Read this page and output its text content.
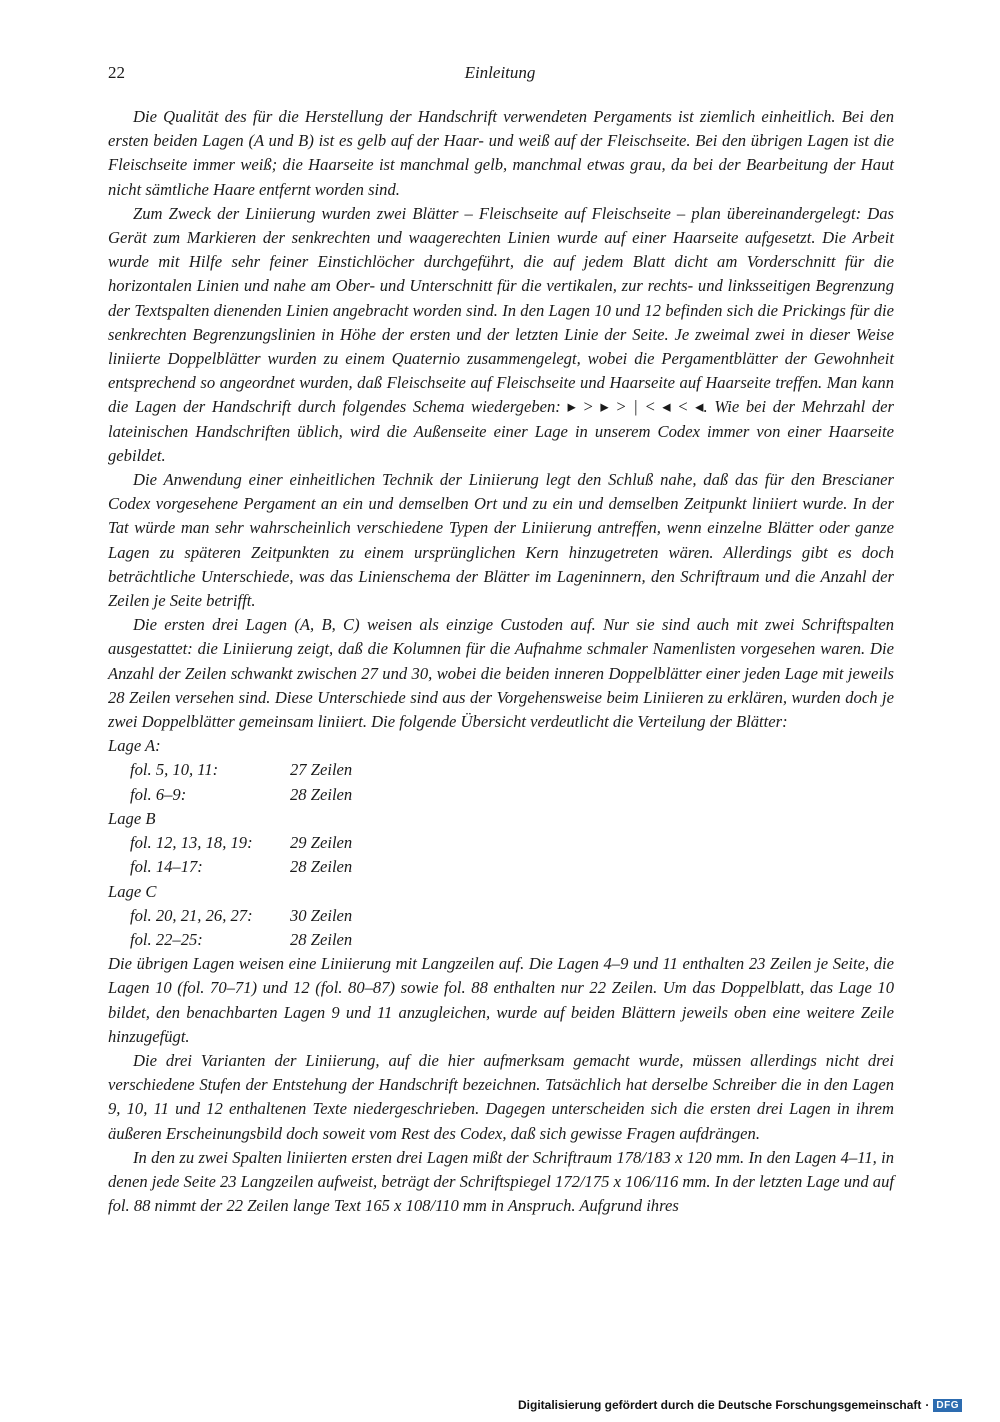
22	Einleitung

Die Qualität des für die Herstellung der Handschrift verwendeten Pergaments ist ziemlich einheitlich. Bei den ersten beiden Lagen (A und B) ist es gelb auf der Haar- und weiß auf der Fleischseite. Bei den übrigen Lagen ist die Fleischseite immer weiß; die Haarseite ist manchmal gelb, manchmal etwas grau, da bei der Bearbeitung der Haut nicht sämtliche Haare entfernt worden sind.

Zum Zweck der Liniierung wurden zwei Blätter – Fleischseite auf Fleischseite – plan übereinandergelegt: Das Gerät zum Markieren der senkrechten und waagerechten Linien wurde auf einer Haarseite aufgesetzt. Die Arbeit wurde mit Hilfe sehr feiner Einstichlöcher durchgeführt, die auf jedem Blatt dicht am Vorderschnitt für die horizontalen Linien und nahe am Ober- und Unterschnitt für die vertikalen, zur rechts- und linksseitigen Begrenzung der Textspalten dienenden Linien angebracht worden sind. In den Lagen 10 und 12 befinden sich die Prickings für die senkrechten Begrenzungslinien in Höhe der ersten und der letzten Linie der Seite. Je zweimal zwei in dieser Weise liniierte Doppelblätter wurden zu einem Quaternio zusammengelegt, wobei die Pergamentblätter der Gewohnheit entsprechend so angeordnet wurden, daß Fleischseite auf Fleischseite und Haarseite auf Haarseite treffen. Man kann die Lagen der Handschrift durch folgendes Schema wiedergeben: ▸ > ▸ > | < ◂ < ◂. Wie bei der Mehrzahl der lateinischen Handschriften üblich, wird die Außenseite einer Lage in unserem Codex immer von einer Haarseite gebildet.

Die Anwendung einer einheitlichen Technik der Liniierung legt den Schluß nahe, daß das für den Brescianer Codex vorgesehene Pergament an ein und demselben Ort und zu ein und demselben Zeitpunkt liniiert wurde. In der Tat würde man sehr wahrscheinlich verschiedene Typen der Liniierung antreffen, wenn einzelne Blätter oder ganze Lagen zu späteren Zeitpunkten zu einem ursprünglichen Kern hinzugetreten wären. Allerdings gibt es doch beträchtliche Unterschiede, was das Linienschema der Blätter im Lageninnern, den Schriftraum und die Anzahl der Zeilen je Seite betrifft.

Die ersten drei Lagen (A, B, C) weisen als einzige Custoden auf. Nur sie sind auch mit zwei Schriftspalten ausgestattet: die Liniierung zeigt, daß die Kolumnen für die Aufnahme schmaler Namenlisten vorgesehen waren. Die Anzahl der Zeilen schwankt zwischen 27 und 30, wobei die beiden inneren Doppelblätter einer jeden Lage mit jeweils 28 Zeilen versehen sind. Diese Unterschiede sind aus der Vorgehensweise beim Liniieren zu erklären, wurden doch je zwei Doppelblätter gemeinsam liniiert. Die folgende Übersicht verdeutlicht die Verteilung der Blätter:

Lage A:
fol. 5, 10, 11:	27 Zeilen
fol. 6–9:	28 Zeilen
Lage B
fol. 12, 13, 18, 19:	29 Zeilen
fol. 14–17:	28 Zeilen
Lage C
fol. 20, 21, 26, 27:	30 Zeilen
fol. 22–25:	28 Zeilen

Die übrigen Lagen weisen eine Liniierung mit Langzeilen auf. Die Lagen 4–9 und 11 enthalten 23 Zeilen je Seite, die Lagen 10 (fol. 70–71) und 12 (fol. 80–87) sowie fol. 88 enthalten nur 22 Zeilen. Um das Doppelblatt, das Lage 10 bildet, den benachbarten Lagen 9 und 11 anzugleichen, wurde auf beiden Blättern jeweils oben eine weitere Zeile hinzugefügt.

Die drei Varianten der Liniierung, auf die hier aufmerksam gemacht wurde, müssen allerdings nicht drei verschiedene Stufen der Entstehung der Handschrift bezeichnen. Tatsächlich hat derselbe Schreiber die in den Lagen 9, 10, 11 und 12 enthaltenen Texte niedergeschrieben. Dagegen unterscheiden sich die ersten drei Lagen in ihrem äußeren Erscheinungsbild doch soweit vom Rest des Codex, daß sich gewisse Fragen aufdrängen.

In den zu zwei Spalten liniierten ersten drei Lagen mißt der Schriftraum 178/183 x 120 mm. In den Lagen 4–11, in denen jede Seite 23 Langzeilen aufweist, beträgt der Schriftspiegel 172/175 x 106/116 mm. In der letzten Lage und auf fol. 88 nimmt der 22 Zeilen lange Text 165 x 108/110 mm in Anspruch. Aufgrund ihres

Digitalisierung gefördert durch die Deutsche Forschungsgemeinschaft · DFG
